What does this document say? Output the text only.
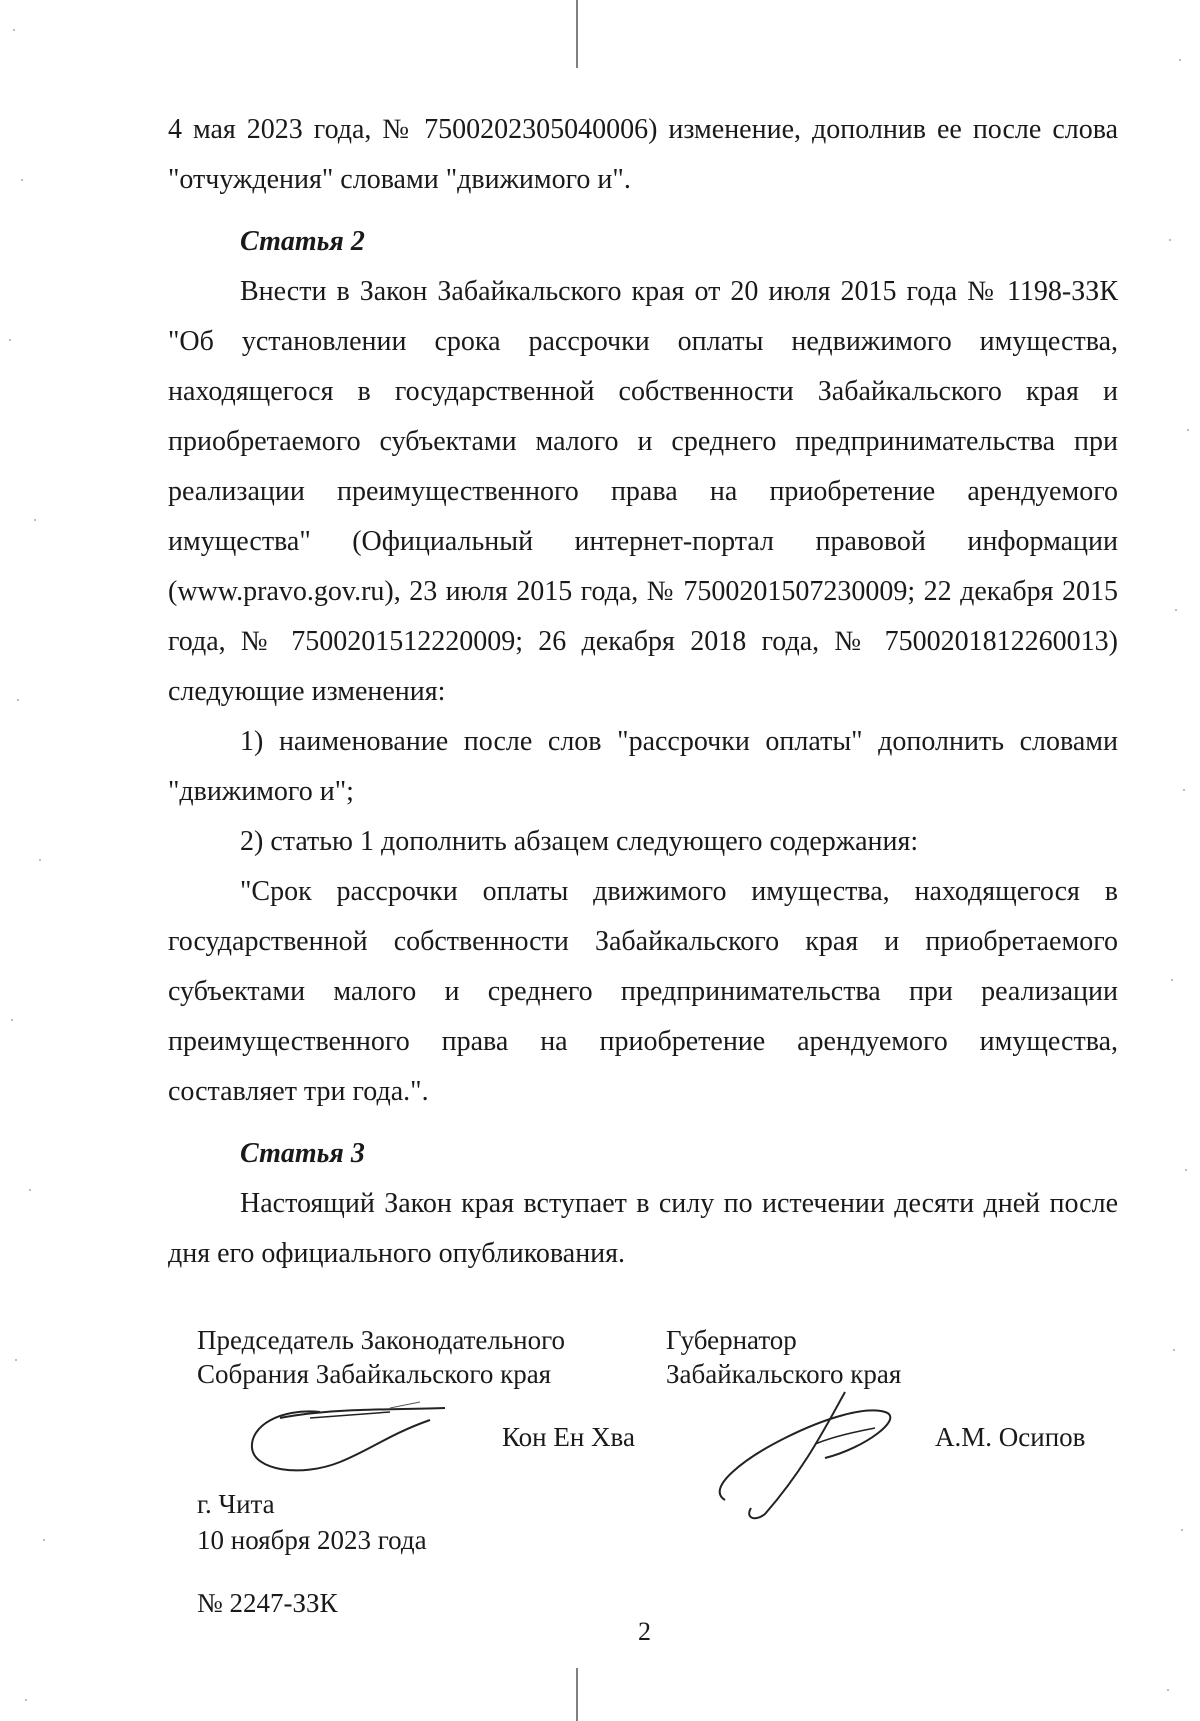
4 мая 2023 года, № 7500202305040006) изменение, дополнив ее после слова "отчуждения" словами "движимого и".

Статья 2

Внести в Закон Забайкальского края от 20 июля 2015 года № 1198-ЗЗК "Об установлении срока рассрочки оплаты недвижимого имущества, находящегося в государственной собственности Забайкальского края и приобретаемого субъектами малого и среднего предпринимательства при реализации преимущественного права на приобретение арендуемого имущества" (Официальный интернет-портал правовой информации (www.pravo.gov.ru), 23 июля 2015 года, № 7500201507230009; 22 декабря 2015 года, № 7500201512220009; 26 декабря 2018 года, № 7500201812260013) следующие изменения:

1) наименование после слов "рассрочки оплаты" дополнить словами "движимого и";

2) статью 1 дополнить абзацем следующего содержания:

"Срок рассрочки оплаты движимого имущества, находящегося в государственной собственности Забайкальского края и приобретаемого субъектами малого и среднего предпринимательства при реализации преимущественного права на приобретение арендуемого имущества, составляет три года.".

Статья 3

Настоящий Закон края вступает в силу по истечении десяти дней после дня его официального опубликования.

Председатель Законодательного
Собрания Забайкальского края
Кон Ен Хва
Губернатор
Забайкальского края
А.М. Осипов
г. Чита
10 ноября 2023 года
№ 2247-ЗЗК
2
